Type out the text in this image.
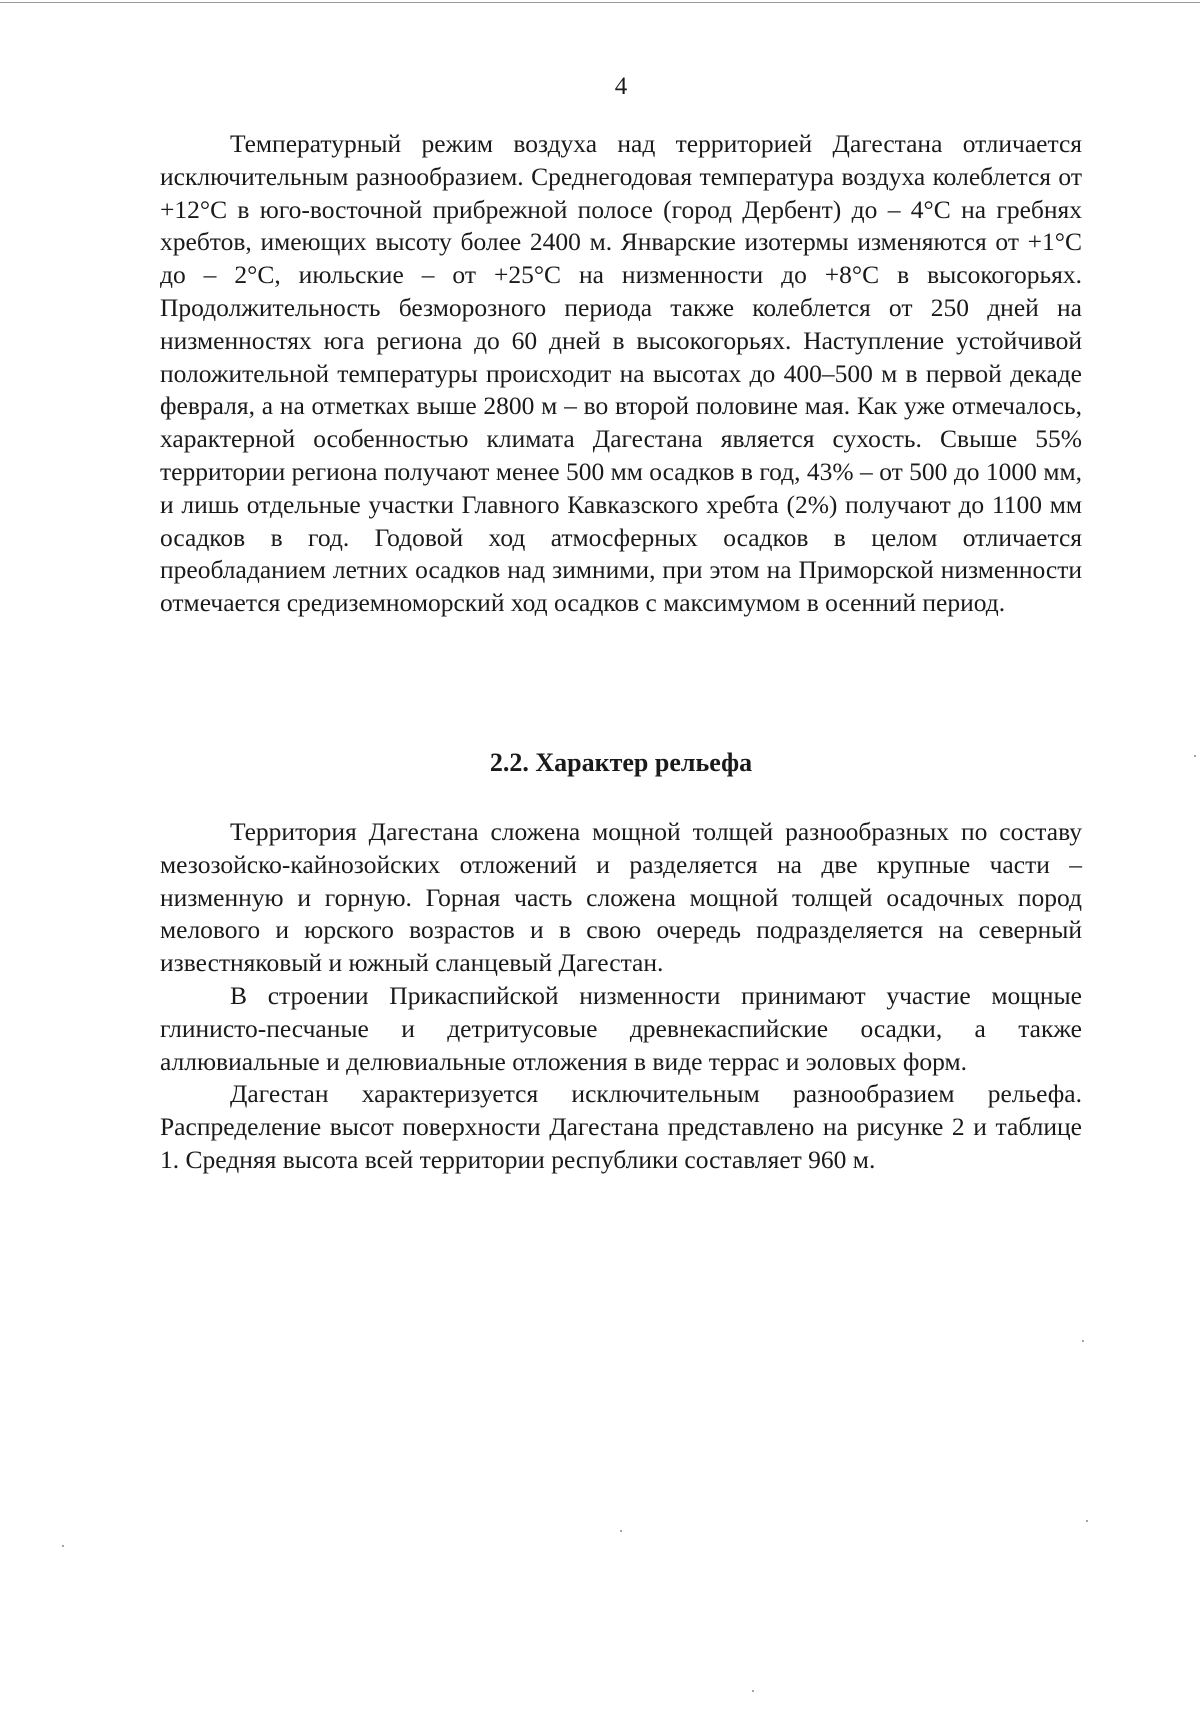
4

Температурный режим воздуха над территорией Дагестана отличается исключительным разнообразием. Среднегодовая температура воздуха колеблется от +12°С в юго-восточной прибрежной полосе (город Дербент) до – 4°С на гребнях хребтов, имеющих высоту более 2400 м. Январские изотермы изменяются от +1°С до – 2°С, июльские – от +25°С на низменности до +8°С в высокогорьях. Продолжительность безморозного периода также колеблется от 250 дней на низменностях юга региона до 60 дней в высокогорьях. Наступление устойчивой положительной температуры происходит на высотах до 400–500 м в первой декаде февраля, а на отметках выше 2800 м – во второй половине мая. Как уже отмечалось, характерной особенностью климата Дагестана является сухость. Свыше 55% территории региона получают менее 500 мм осадков в год, 43% – от 500 до 1000 мм, и лишь отдельные участки Главного Кавказского хребта (2%) получают до 1100 мм осадков в год. Годовой ход атмосферных осадков в целом отличается преобладанием летних осадков над зимними, при этом на Приморской низменности отмечается средиземноморский ход осадков с максимумом в осенний период.

2.2. Характер рельефа

Территория Дагестана сложена мощной толщей разнообразных по составу мезозойско-кайнозойских отложений и разделяется на две крупные части – низменную и горную. Горная часть сложена мощной толщей осадочных пород мелового и юрского возрастов и в свою очередь подразделяется на северный известняковый и южный сланцевый Дагестан.

В строении Прикаспийской низменности принимают участие мощные глинисто-песчаные и детритусовые древнекаспийские осадки, а также аллювиальные и делювиальные отложения в виде террас и эоловых форм.

Дагестан характеризуется исключительным разнообразием рельефа. Распределение высот поверхности Дагестана представлено на рисунке 2 и таблице 1. Средняя высота всей территории республики составляет 960 м.
